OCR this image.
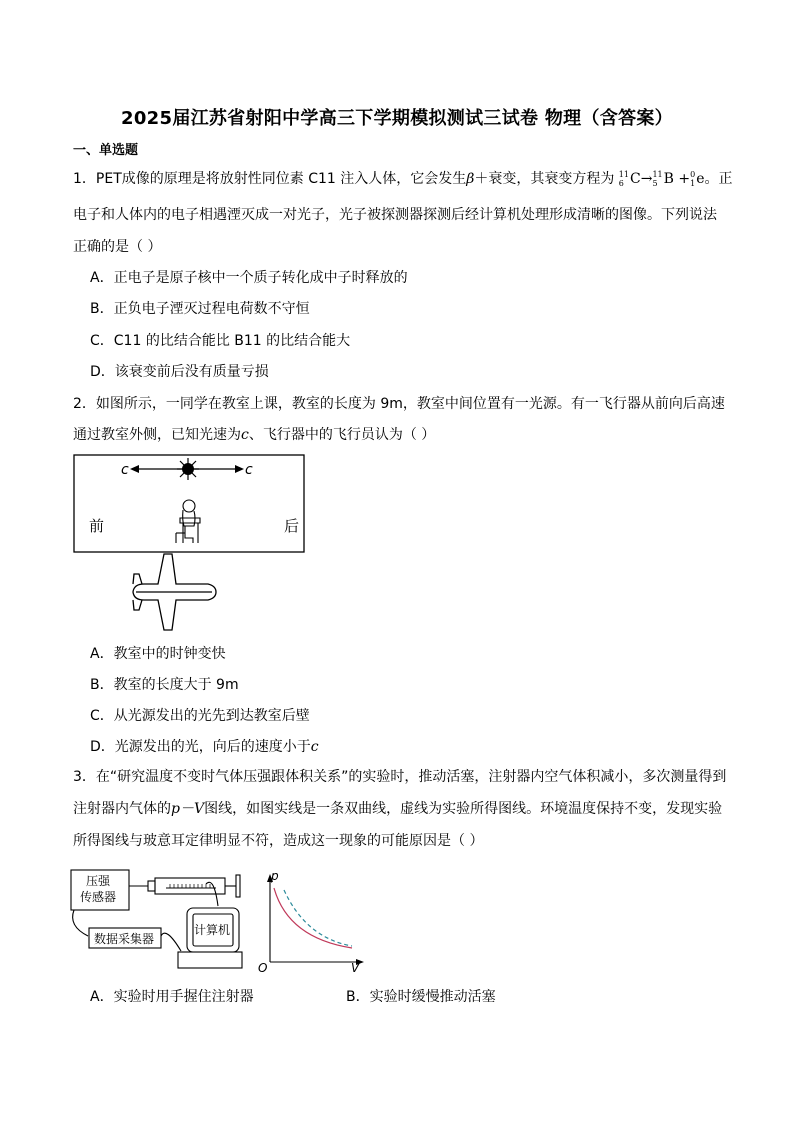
2025届江苏省射阳中学高三下学期模拟测试三试卷 物理（含答案）
一、单选题
1．PET成像的原理是将放射性同位素 C11 注入人体，它会发生β＋衰变，其衰变方程为 11
6 C→ 11
5 B + 0
1 e。正
电子和人体内的电子相遇湮灭成一对光子，光子被探测器探测后经计算机处理形成清晰的图像。下列说法
正确的是（ ）
A．正电子是原子核中一个质子转化成中子时释放的
B．正负电子湮灭过程电荷数不守恒
C．C11 的比结合能比 B11 的比结合能大
D．该衰变前后没有质量亏损
2．如图所示，一同学在教室上课，教室的长度为 9m，教室中间位置有一光源。有一飞行器从前向后高速
通过教室外侧，已知光速为c、飞行器中的飞行员认为（ ）
c	c
前	后
A．教室中的时钟变快
B．教室的长度大于 9m
C．从光源发出的光先到达教室后壁
D．光源发出的光，向后的速度小于c
3．在“研究温度不变时气体压强跟体积关系”的实验时，推动活塞，注射器内空气体积减小，多次测量得到
注射器内气体的p－V图线，如图实线是一条双曲线，虚线为实验所得图线。环境温度保持不变，发现实验
所得图线与玻意耳定律明显不符，造成这一现象的可能原因是（ ）
压强
传感器
数据采集器
计算机
p
V
O
A．实验时用手握住注射器	B．实验时缓慢推动活塞
